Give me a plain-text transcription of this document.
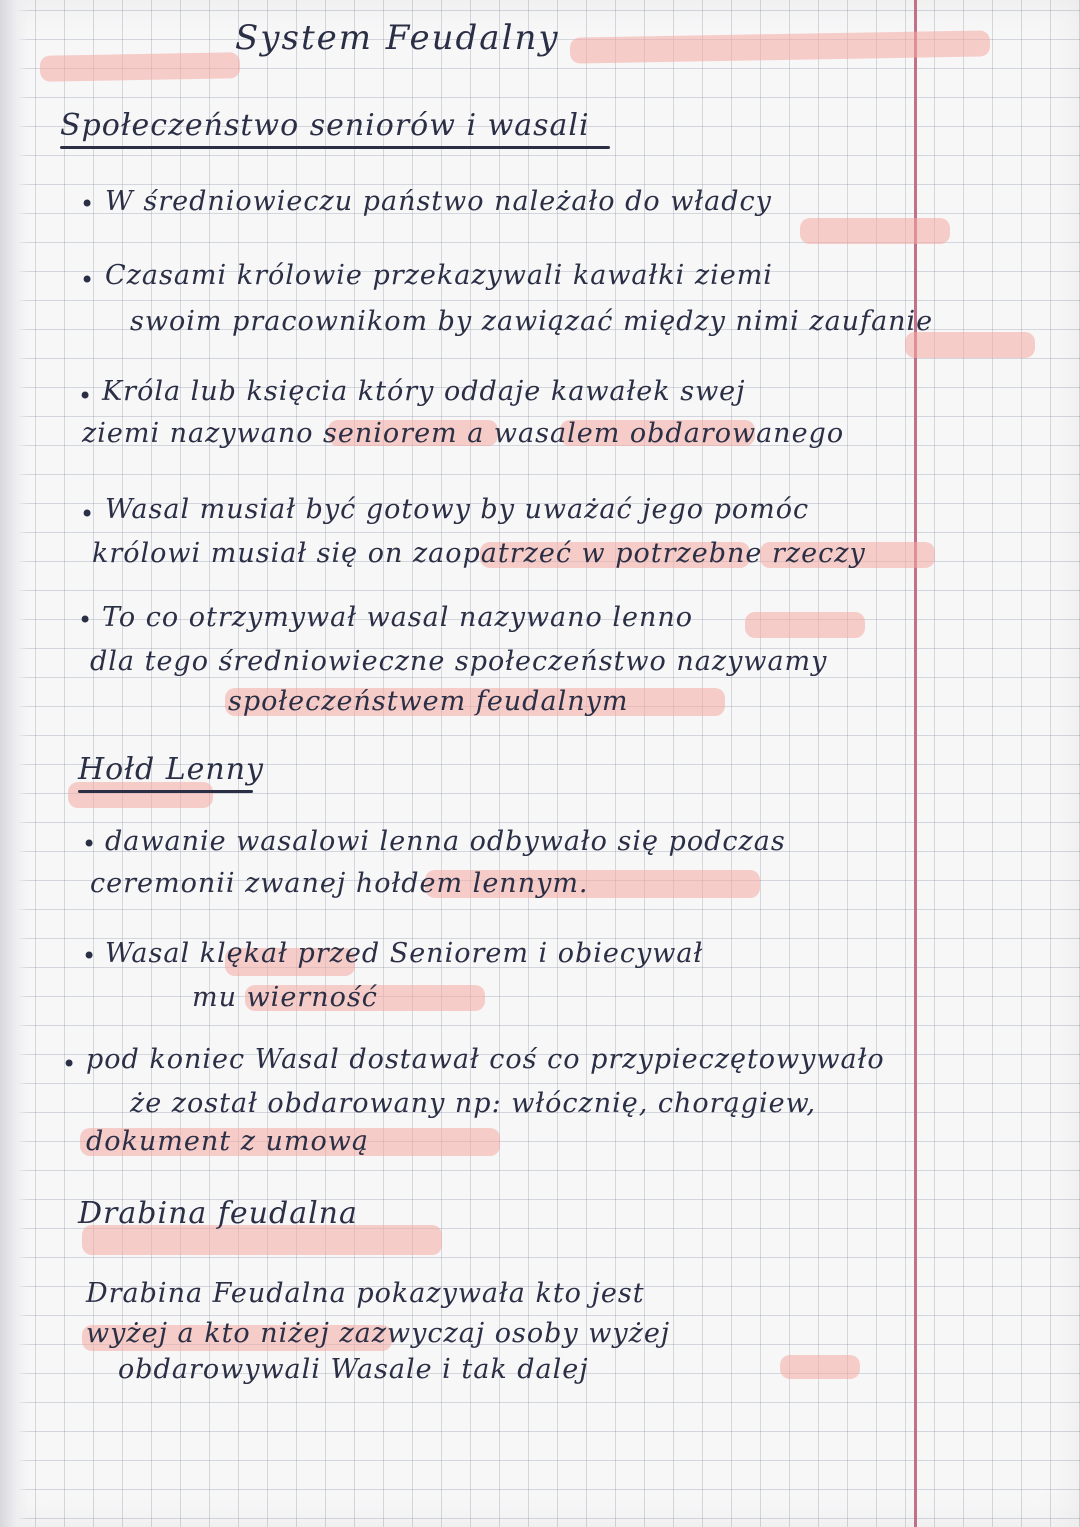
System Feudalny
Społeczeństwo seniorów i wasali
• W średniowieczu państwo należało do władcy
• Czasami królowie przekazywali kawałki ziemi
swoim pracownikom by zawiązać między nimi zaufanie
• Króla lub księcia który oddaje kawałek swej
ziemi nazywano seniorem a wasalem obdarowanego
• Wasal musiał być gotowy by uważać jego pomóc
królowi musiał się on zaopatrzeć w potrzebne rzeczy
• To co otrzymywał wasal nazywano lenno
dla tego średniowieczne społeczeństwo nazywamy
społeczeństwem feudalnym
Hołd Lenny
• dawanie wasalowi lenna odbywało się podczas
ceremonii zwanej hołdem lennym.
• Wasal klękał przed Seniorem i obiecywał
mu wierność
• pod koniec Wasal dostawał coś co przypieczętowywało
że został obdarowany np: włócznię, chorągiew,
dokument z umową
Drabina feudalna
Drabina Feudalna pokazywała kto jest
wyżej a kto niżej zazwyczaj osoby wyżej
obdarowywali Wasale i tak dalej
